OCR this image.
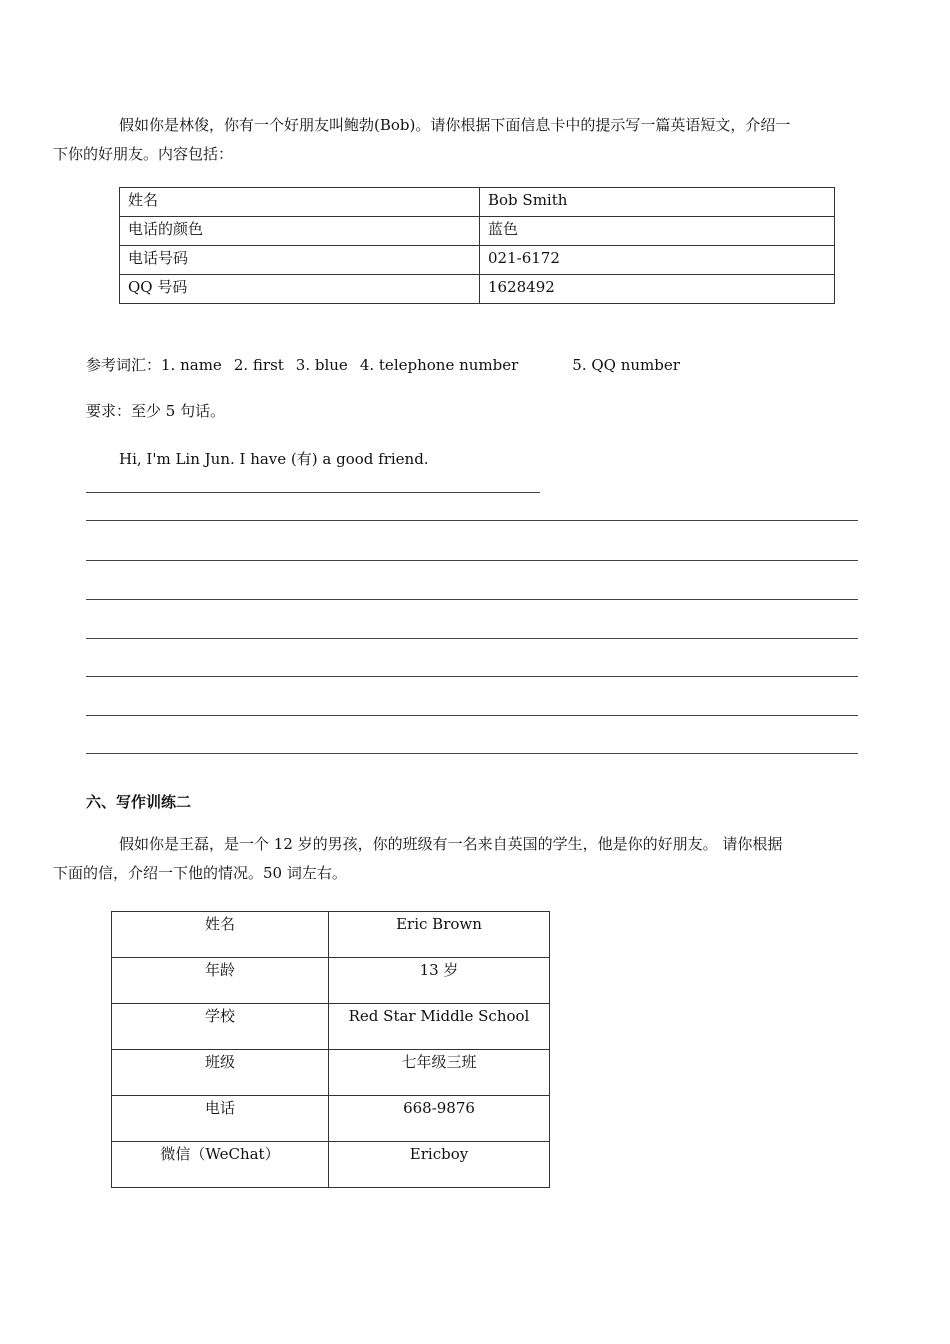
假如你是林俊，你有一个好朋友叫鲍勃(Bob)。请你根据下面信息卡中的提示写一篇英语短文，介绍一
下你的好朋友。内容包括：

姓名	Bob Smith
电话的颜色	蓝色
电话号码	021-6172
QQ 号码	1628492

参考词汇：1. name 2. first 3. blue 4. telephone number	5. QQ number

要求：至少 5 句话。

Hi, I'm Lin Jun. I have (有) a good friend.

六、写作训练二

假如你是王磊，是一个 12 岁的男孩，你的班级有一名来自英国的学生，他是你的好朋友。 请你根据
下面的信，介绍一下他的情况。50 词左右。

姓名	Eric Brown
年龄	13 岁
学校	Red Star Middle School
班级	七年级三班
电话	668-9876
微信（WeChat）	Ericboy
